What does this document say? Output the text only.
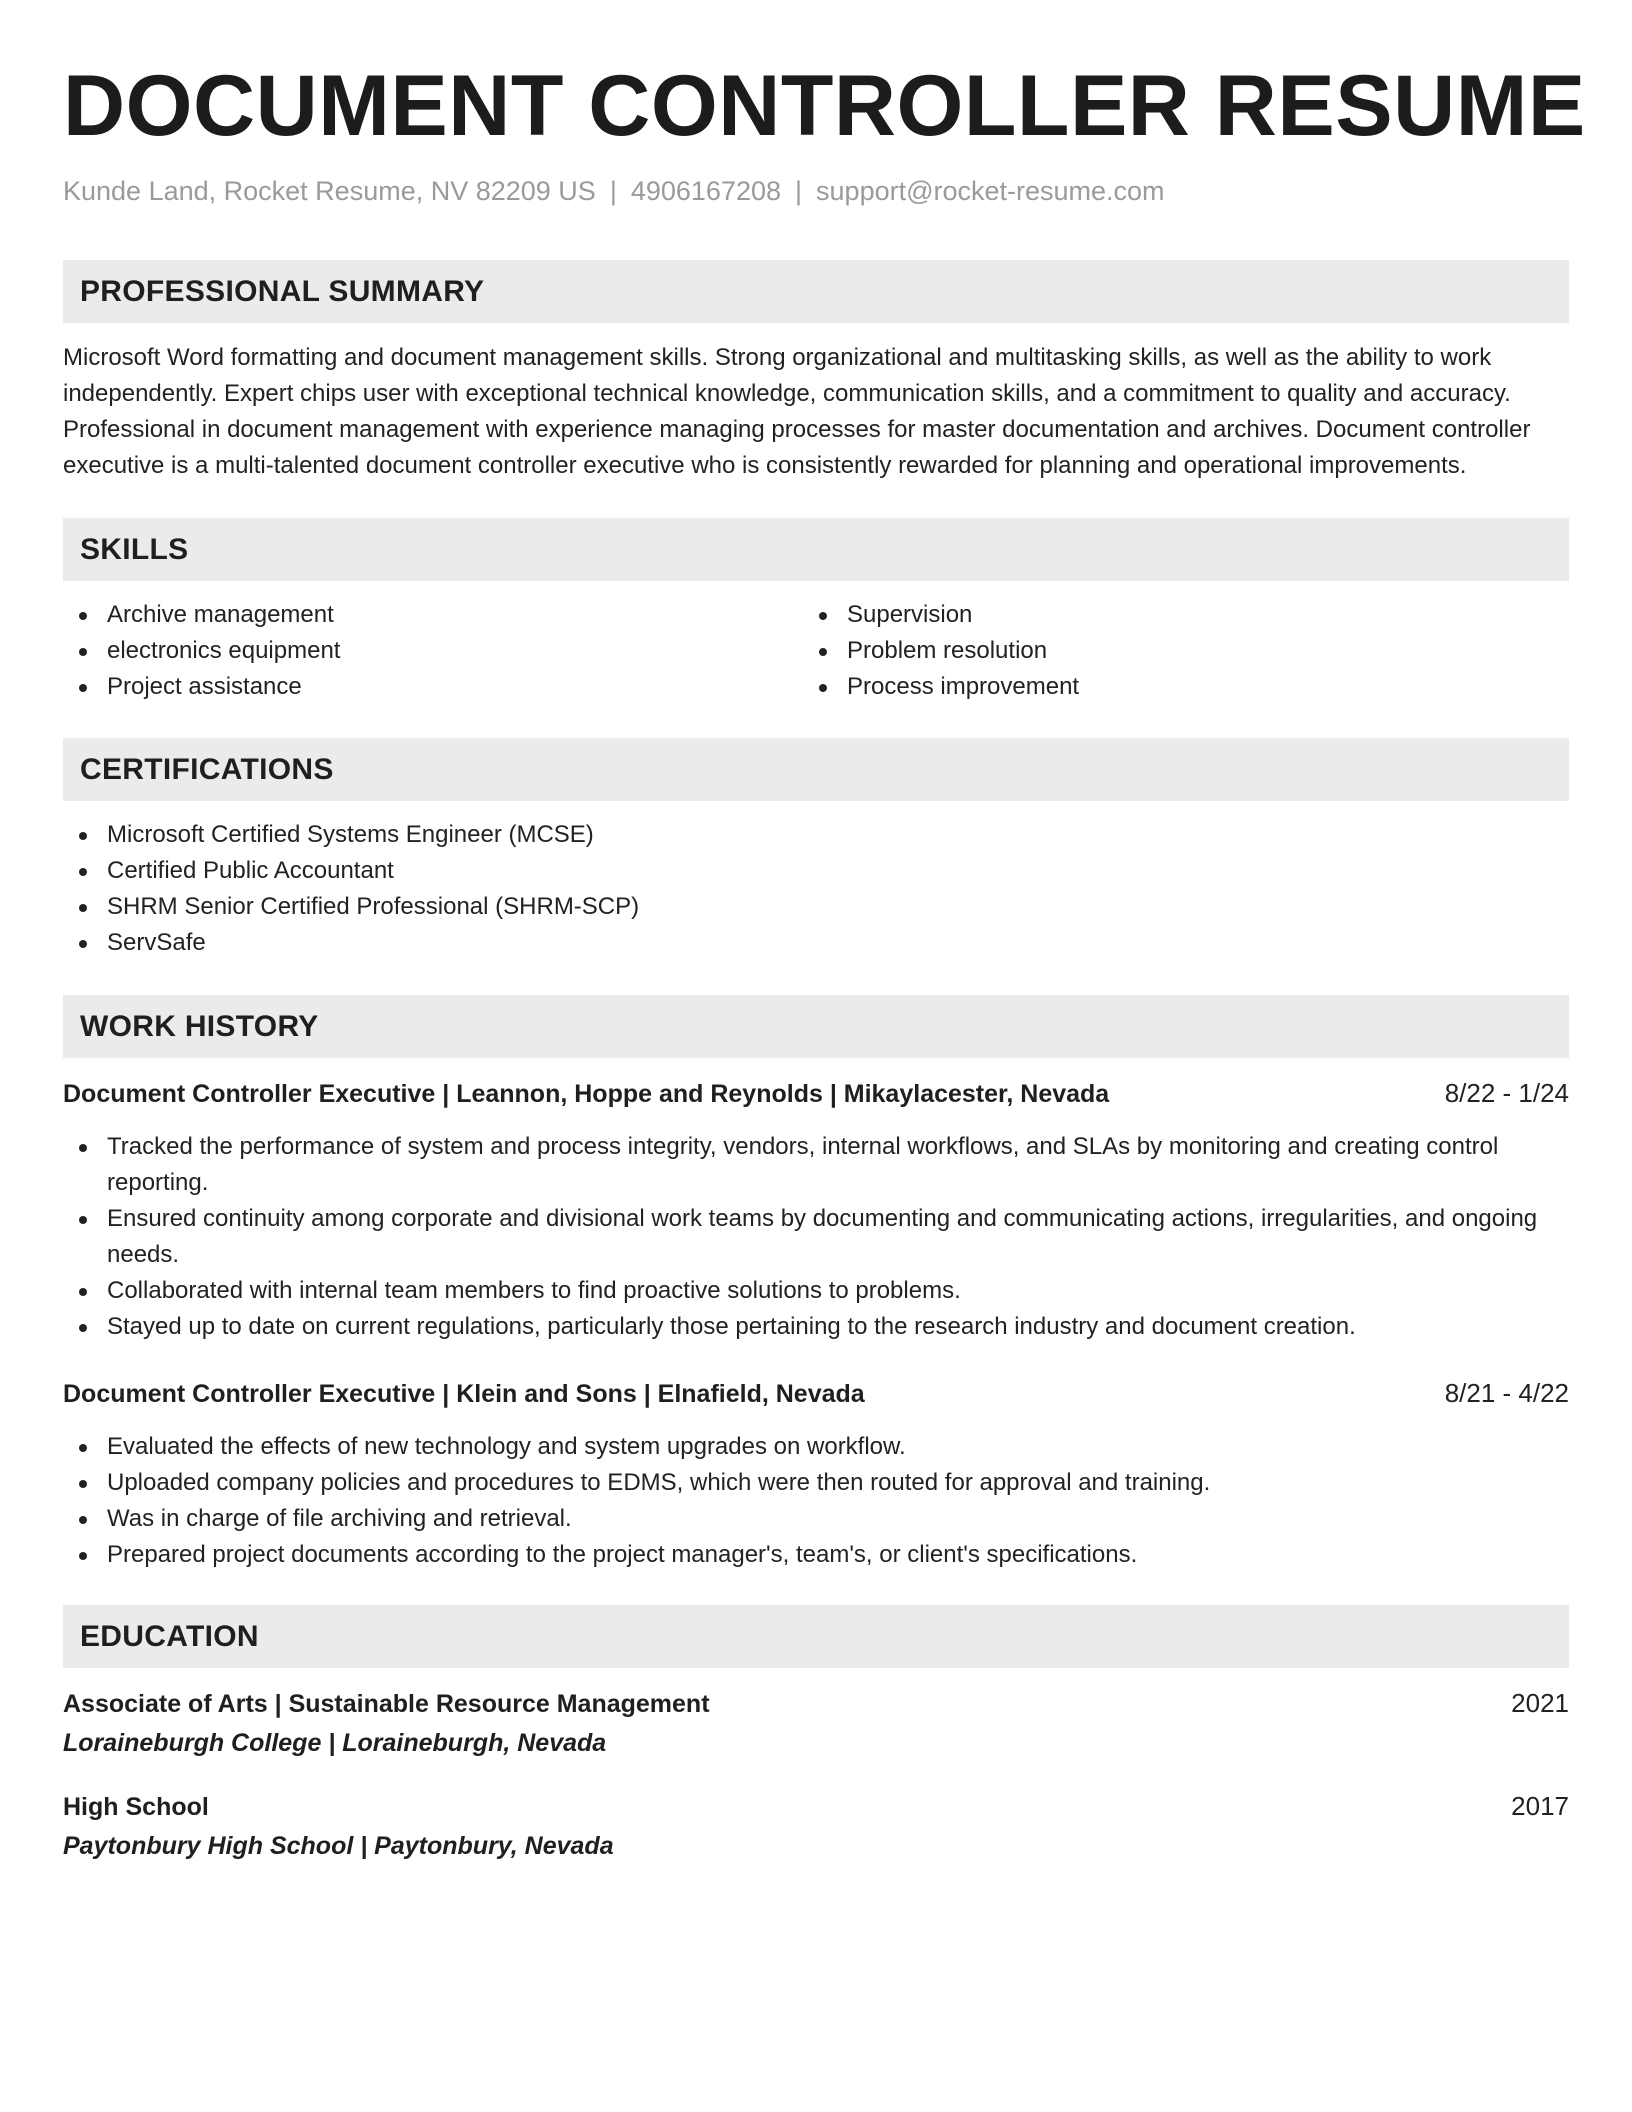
DOCUMENT CONTROLLER RESUME
Kunde Land, Rocket Resume, NV 82209 US | 4906167208 | support@rocket-resume.com
PROFESSIONAL SUMMARY

Microsoft Word formatting and document management skills. Strong organizational and multitasking skills, as well as the ability to work independently. Expert chips user with exceptional technical knowledge, communication skills, and a commitment to quality and accuracy. Professional in document management with experience managing processes for master documentation and archives. Document controller executive is a multi-talented document controller executive who is consistently rewarded for planning and operational improvements.

SKILLS
Archive management
electronics equipment
Project assistance
Supervision
Problem resolution
Process improvement
CERTIFICATIONS
Microsoft Certified Systems Engineer (MCSE)
Certified Public Accountant
SHRM Senior Certified Professional (SHRM-SCP)
ServSafe
WORK HISTORY
Document Controller Executive | Leannon, Hoppe and Reynolds | Mikaylacester, Nevada	8/22 - 1/24
Tracked the performance of system and process integrity, vendors, internal workflows, and SLAs by monitoring and creating control reporting.
Ensured continuity among corporate and divisional work teams by documenting and communicating actions, irregularities, and ongoing needs.
Collaborated with internal team members to find proactive solutions to problems.
Stayed up to date on current regulations, particularly those pertaining to the research industry and document creation.
Document Controller Executive | Klein and Sons | Elnafield, Nevada	8/21 - 4/22
Evaluated the effects of new technology and system upgrades on workflow.
Uploaded company policies and procedures to EDMS, which were then routed for approval and training.
Was in charge of file archiving and retrieval.
Prepared project documents according to the project manager's, team's, or client's specifications.
EDUCATION
Associate of Arts | Sustainable Resource Management	2021
Loraineburgh College | Loraineburgh, Nevada
High School	2017
Paytonbury High School | Paytonbury, Nevada
